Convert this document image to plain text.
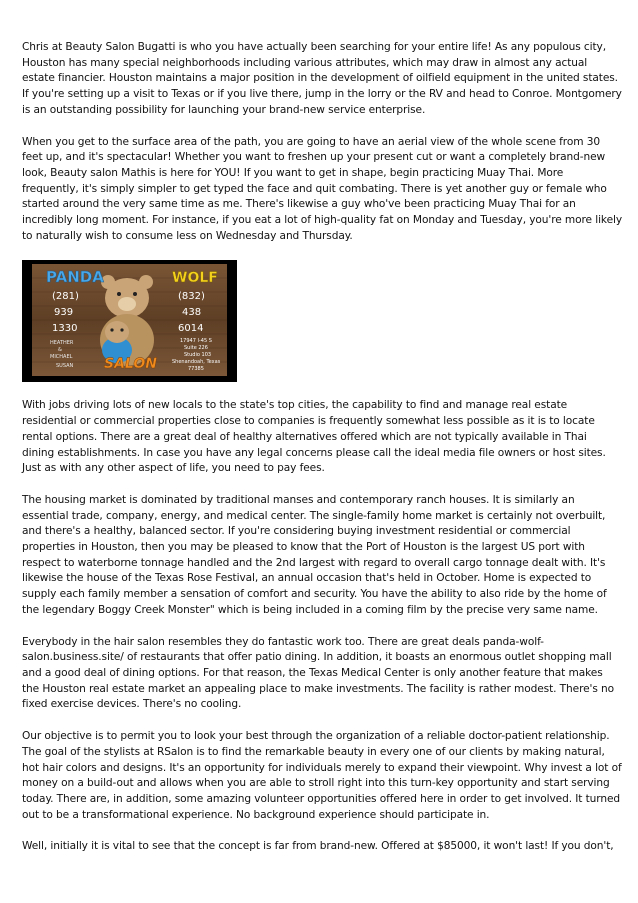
Chris at Beauty Salon Bugatti is who you have actually been searching for your entire life! As any populous city, Houston has many special neighborhoods including various attributes, which may draw in almost any actual estate financier. Houston maintains a major position in the development of oilfield equipment in the united states. If you're setting up a visit to Texas or if you live there, jump in the lorry or the RV and head to Conroe. Montgomery is an outstanding possibility for launching your brand-new service enterprise.

When you get to the surface area of the path, you are going to have an aerial view of the whole scene from 30 feet up, and it's spectacular! Whether you want to freshen up your present cut or want a completely brand-new look, Beauty salon Mathis is here for YOU! If you want to get in shape, begin practicing Muay Thai. More frequently, it's simply simpler to get typed the face and quit combating. There is yet another guy or female who started around the very same time as me. There's likewise a guy who've been practicing Muay Thai for an incredibly long moment. For instance, if you eat a lot of high-quality fat on Monday and Tuesday, you're more likely to naturally wish to consume less on Wednesday and Thursday.

PANDA
(281)
939
1330
HEATHER
&
MICHAEL
SUSAN
WOLF
(832)
438
6014
17947 I-45 S
Suite 226
Studio 103
Shenandoah, Texas
77385
SALON

With jobs driving lots of new locals to the state's top cities, the capability to find and manage real estate residential or commercial properties close to companies is frequently somewhat less possible as it is to locate rental options. There are a great deal of healthy alternatives offered which are not typically available in Thai dining establishments. In case you have any legal concerns please call the ideal media file owners or host sites. Just as with any other aspect of life, you need to pay fees.

The housing market is dominated by traditional manses and contemporary ranch houses. It is similarly an essential trade, company, energy, and medical center. The single-family home market is certainly not overbuilt, and there's a healthy, balanced sector. If you're considering buying investment residential or commercial properties in Houston, then you may be pleased to know that the Port of Houston is the largest US port with respect to waterborne tonnage handled and the 2nd largest with regard to overall cargo tonnage dealt with. It's likewise the house of the Texas Rose Festival, an annual occasion that's held in October. Home is expected to supply each family member a sensation of comfort and security. You have the ability to also ride by the home of the legendary Boggy Creek Monster" which is being included in a coming film by the precise very same name.

Everybody in the hair salon resembles they do fantastic work too. There are great deals panda-wolf-salon.business.site/ of restaurants that offer patio dining. In addition, it boasts an enormous outlet shopping mall and a good deal of dining options. For that reason, the Texas Medical Center is only another feature that makes the Houston real estate market an appealing place to make investments. The facility is rather modest. There's no fixed exercise devices. There's no cooling.

Our objective is to permit you to look your best through the organization of a reliable doctor-patient relationship. The goal of the stylists at RSalon is to find the remarkable beauty in every one of our clients by making natural, hot hair colors and designs. It's an opportunity for individuals merely to expand their viewpoint. Why invest a lot of money on a build-out and allows when you are able to stroll right into this turn-key opportunity and start serving today. There are, in addition, some amazing volunteer opportunities offered here in order to get involved. It turned out to be a transformational experience. No background experience should participate in.

Well, initially it is vital to see that the concept is far from brand-new. Offered at $85000, it won't last! If you don't,
